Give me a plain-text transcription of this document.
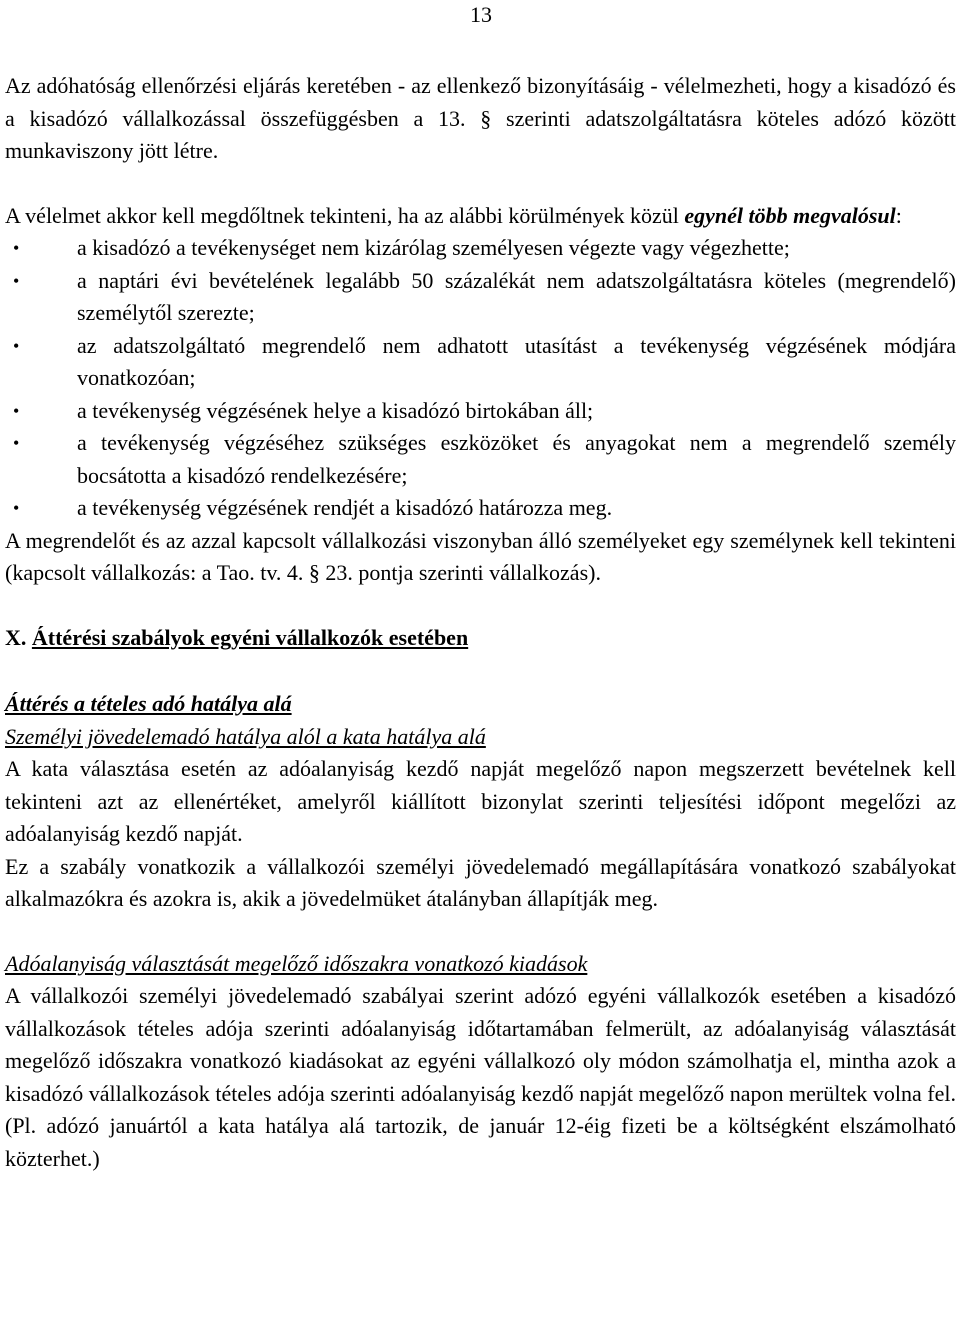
13

Az adóhatóság ellenőrzési eljárás keretében - az ellenkező bizonyításáig - vélelmezheti, hogy a kisadózó és a kisadózó vállalkozással összefüggésben a 13. § szerinti adatszolgáltatásra köteles adózó között munkaviszony jött létre.

A vélelmet akkor kell megdőltnek tekinteni, ha az alábbi körülmények közül egynél több megvalósul:

•	a kisadózó a tevékenységet nem kizárólag személyesen végezte vagy végezhette;
•	a naptári évi bevételének legalább 50 százalékát nem adatszolgáltatásra köteles (megrendelő) személytől szerezte;
•	az adatszolgáltató megrendelő nem adhatott utasítást a tevékenység végzésének módjára vonatkozóan;
•	a tevékenység végzésének helye a kisadózó birtokában áll;
•	a tevékenység végzéséhez szükséges eszközöket és anyagokat nem a megrendelő személy bocsátotta a kisadózó rendelkezésére;
•	a tevékenység végzésének rendjét a kisadózó határozza meg.

A megrendelőt és az azzal kapcsolt vállalkozási viszonyban álló személyeket egy személynek kell tekinteni (kapcsolt vállalkozás: a Tao. tv. 4. § 23. pontja szerinti vállalkozás).

X. Áttérési szabályok egyéni vállalkozók esetében

Áttérés a tételes adó hatálya alá

Személyi jövedelemadó hatálya alól a kata hatálya alá

A kata választása esetén az adóalanyiság kezdő napját megelőző napon megszerzett bevételnek kell tekinteni azt az ellenértéket, amelyről kiállított bizonylat szerinti teljesítési időpont megelőzi az adóalanyiság kezdő napját.

Ez a szabály vonatkozik a vállalkozói személyi jövedelemadó megállapítására vonatkozó szabályokat alkalmazókra és azokra is, akik a jövedelmüket átalányban állapítják meg.

Adóalanyiság választását megelőző időszakra vonatkozó kiadások

A vállalkozói személyi jövedelemadó szabályai szerint adózó egyéni vállalkozók esetében a kisadózó vállalkozások tételes adója szerinti adóalanyiság időtartamában felmerült, az adóalanyiság választását megelőző időszakra vonatkozó kiadásokat az egyéni vállalkozó oly módon számolhatja el, mintha azok a kisadózó vállalkozások tételes adója szerinti adóalanyiság kezdő napját megelőző napon merültek volna fel. (Pl. adózó januártól a kata hatálya alá tartozik, de január 12-éig fizeti be a költségként elszámolható közterhet.)
